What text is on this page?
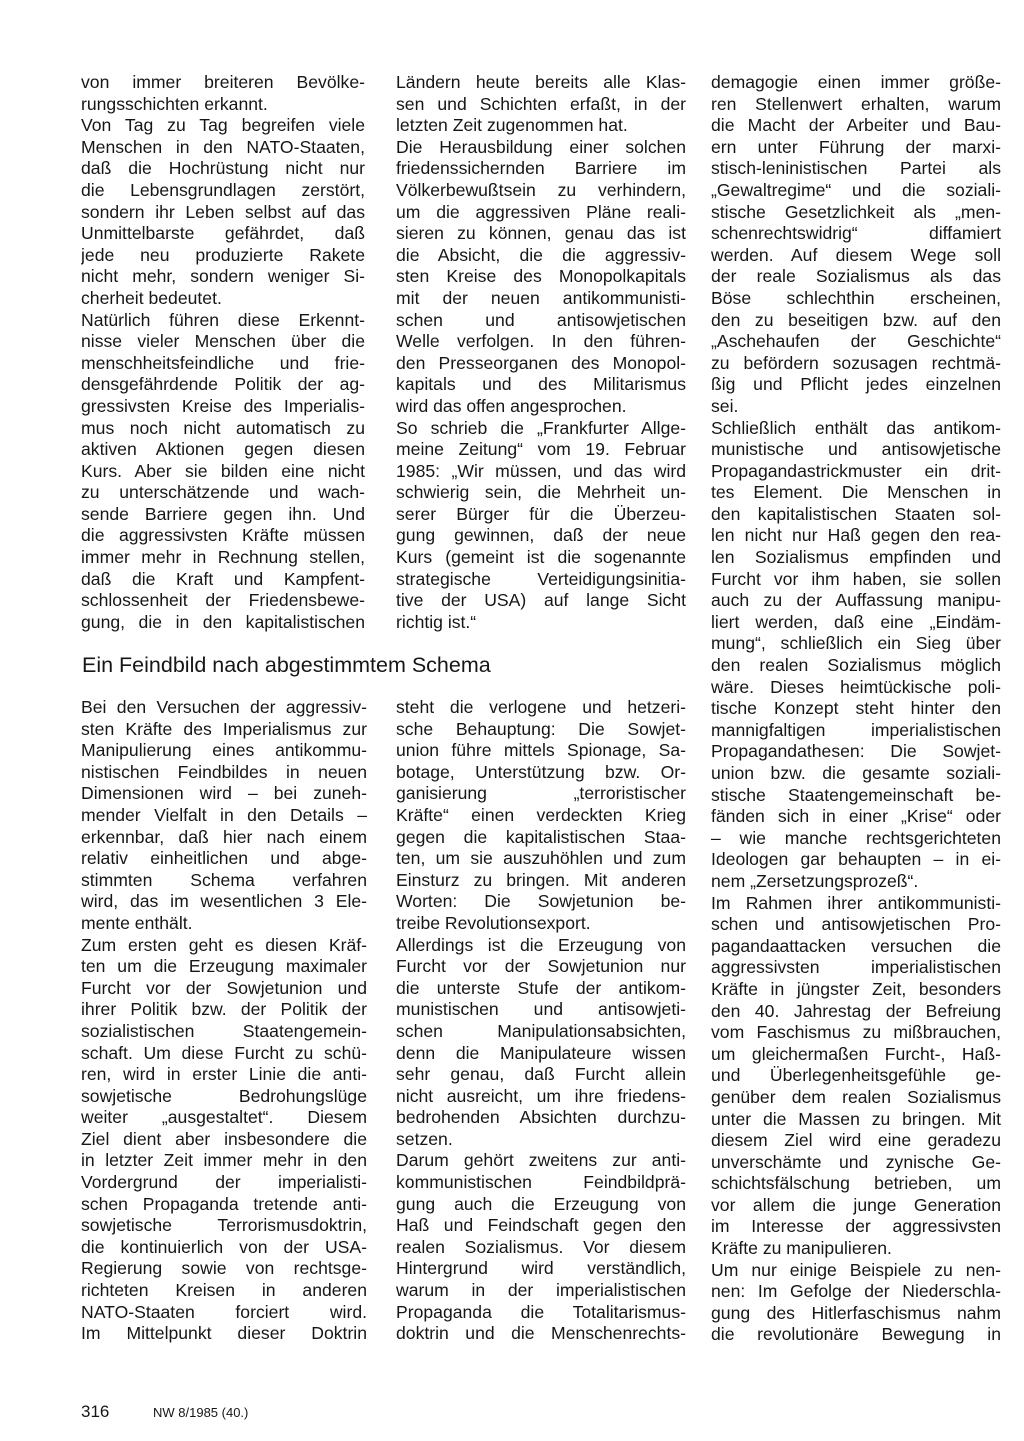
von immer breiteren Bevölke-
rungsschichten erkannt.
Von Tag zu Tag begreifen viele
Menschen in den NATO-Staaten,
daß die Hochrüstung nicht nur
die Lebensgrundlagen zerstört,
sondern ihr Leben selbst auf das
Unmittelbarste gefährdet, daß
jede neu produzierte Rakete
nicht mehr, sondern weniger Si-
cherheit bedeutet.
Natürlich führen diese Erkennt-
nisse vieler Menschen über die
menschheitsfeindliche und frie-
densgefährdende Politik der ag-
gressivsten Kreise des Imperialis-
mus noch nicht automatisch zu
aktiven Aktionen gegen diesen
Kurs. Aber sie bilden eine nicht
zu unterschätzende und wach-
sende Barriere gegen ihn. Und
die aggressivsten Kräfte müssen
immer mehr in Rechnung stellen,
daß die Kraft und Kampfent-
schlossenheit der Friedensbewe-
gung, die in den kapitalistischen
Ländern heute bereits alle Klas-
sen und Schichten erfaßt, in der
letzten Zeit zugenommen hat.
Die Herausbildung einer solchen
friedenssichernden Barriere im
Völkerbewußtsein zu verhindern,
um die aggressiven Pläne reali-
sieren zu können, genau das ist
die Absicht, die die aggressiv-
sten Kreise des Monopolkapitals
mit der neuen antikommunisti-
schen und antisowjetischen
Welle verfolgen. In den führen-
den Presseorganen des Monopol-
kapitals und des Militarismus
wird das offen angesprochen.
So schrieb die „Frankfurter Allge-
meine Zeitung“ vom 19. Februar
1985: „Wir müssen, und das wird
schwierig sein, die Mehrheit un-
serer Bürger für die Überzeu-
gung gewinnen, daß der neue
Kurs (gemeint ist die sogenannte
strategische Verteidigungsinitia-
tive der USA) auf lange Sicht
richtig ist.“
demagogie einen immer größe-
ren Stellenwert erhalten, warum
die Macht der Arbeiter und Bau-
ern unter Führung der marxi-
stisch-leninistischen Partei als
„Gewaltregime“ und die soziali-
stische Gesetzlichkeit als „men-
schenrechtswidrig“ diffamiert
werden. Auf diesem Wege soll
der reale Sozialismus als das
Böse schlechthin erscheinen,
den zu beseitigen bzw. auf den
„Aschehaufen der Geschichte“
zu befördern sozusagen rechtmä-
ßig und Pflicht jedes einzelnen
sei.
Schließlich enthält das antikom-
munistische und antisowjetische
Propagandastrickmuster ein drit-
tes Element. Die Menschen in
den kapitalistischen Staaten sol-
len nicht nur Haß gegen den rea-
len Sozialismus empfinden und
Furcht vor ihm haben, sie sollen
auch zu der Auffassung manipu-
liert werden, daß eine „Eindäm-
mung“, schließlich ein Sieg über
den realen Sozialismus möglich
wäre. Dieses heimtückische poli-
tische Konzept steht hinter den
mannigfaltigen imperialistischen
Propagandathesen: Die Sowjet-
union bzw. die gesamte soziali-
stische Staatengemeinschaft be-
fänden sich in einer „Krise“ oder
– wie manche rechtsgerichteten
Ideologen gar behaupten – in ei-
nem „Zersetzungsprozeß“.
Im Rahmen ihrer antikommunisti-
schen und antisowjetischen Pro-
pagandaattacken versuchen die
aggressivsten imperialistischen
Kräfte in jüngster Zeit, besonders
den 40. Jahrestag der Befreiung
vom Faschismus zu mißbrauchen,
um gleichermaßen Furcht-, Haß-
und Überlegenheitsgefühle ge-
genüber dem realen Sozialismus
unter die Massen zu bringen. Mit
diesem Ziel wird eine geradezu
unverschämte und zynische Ge-
schichtsfälschung betrieben, um
vor allem die junge Generation
im Interesse der aggressivsten
Kräfte zu manipulieren.
Um nur einige Beispiele zu nen-
nen: Im Gefolge der Niederschla-
gung des Hitlerfaschismus nahm
die revolutionäre Bewegung in
Ein Feindbild nach abgestimmtem Schema
Bei den Versuchen der aggressiv-
sten Kräfte des Imperialismus zur
Manipulierung eines antikommu-
nistischen Feindbildes in neuen
Dimensionen wird – bei zuneh-
mender Vielfalt in den Details –
erkennbar, daß hier nach einem
relativ einheitlichen und abge-
stimmten Schema verfahren
wird, das im wesentlichen 3 Ele-
mente enthält.
Zum ersten geht es diesen Kräf-
ten um die Erzeugung maximaler
Furcht vor der Sowjetunion und
ihrer Politik bzw. der Politik der
sozialistischen Staatengemein-
schaft. Um diese Furcht zu schü-
ren, wird in erster Linie die anti-
sowjetische Bedrohungslüge
weiter „ausgestaltet“. Diesem
Ziel dient aber insbesondere die
in letzter Zeit immer mehr in den
Vordergrund der imperialisti-
schen Propaganda tretende anti-
sowjetische Terrorismusdoktrin,
die kontinuierlich von der USA-
Regierung sowie von rechtsge-
richteten Kreisen in anderen
NATO-Staaten forciert wird.
Im Mittelpunkt dieser Doktrin
steht die verlogene und hetzeri-
sche Behauptung: Die Sowjet-
union führe mittels Spionage, Sa-
botage, Unterstützung bzw. Or-
ganisierung „terroristischer
Kräfte“ einen verdeckten Krieg
gegen die kapitalistischen Staa-
ten, um sie auszuhöhlen und zum
Einsturz zu bringen. Mit anderen
Worten: Die Sowjetunion be-
treibe Revolutionsexport.
Allerdings ist die Erzeugung von
Furcht vor der Sowjetunion nur
die unterste Stufe der antikom-
munistischen und antisowjeti-
schen Manipulationsabsichten,
denn die Manipulateure wissen
sehr genau, daß Furcht allein
nicht ausreicht, um ihre friedens-
bedrohenden Absichten durchzu-
setzen.
Darum gehört zweitens zur anti-
kommunistischen Feindbildprä-
gung auch die Erzeugung von
Haß und Feindschaft gegen den
realen Sozialismus. Vor diesem
Hintergrund wird verständlich,
warum in der imperialistischen
Propaganda die Totalitarismus-
doktrin und die Menschenrechts-
316	NW 8/1985 (40.)
